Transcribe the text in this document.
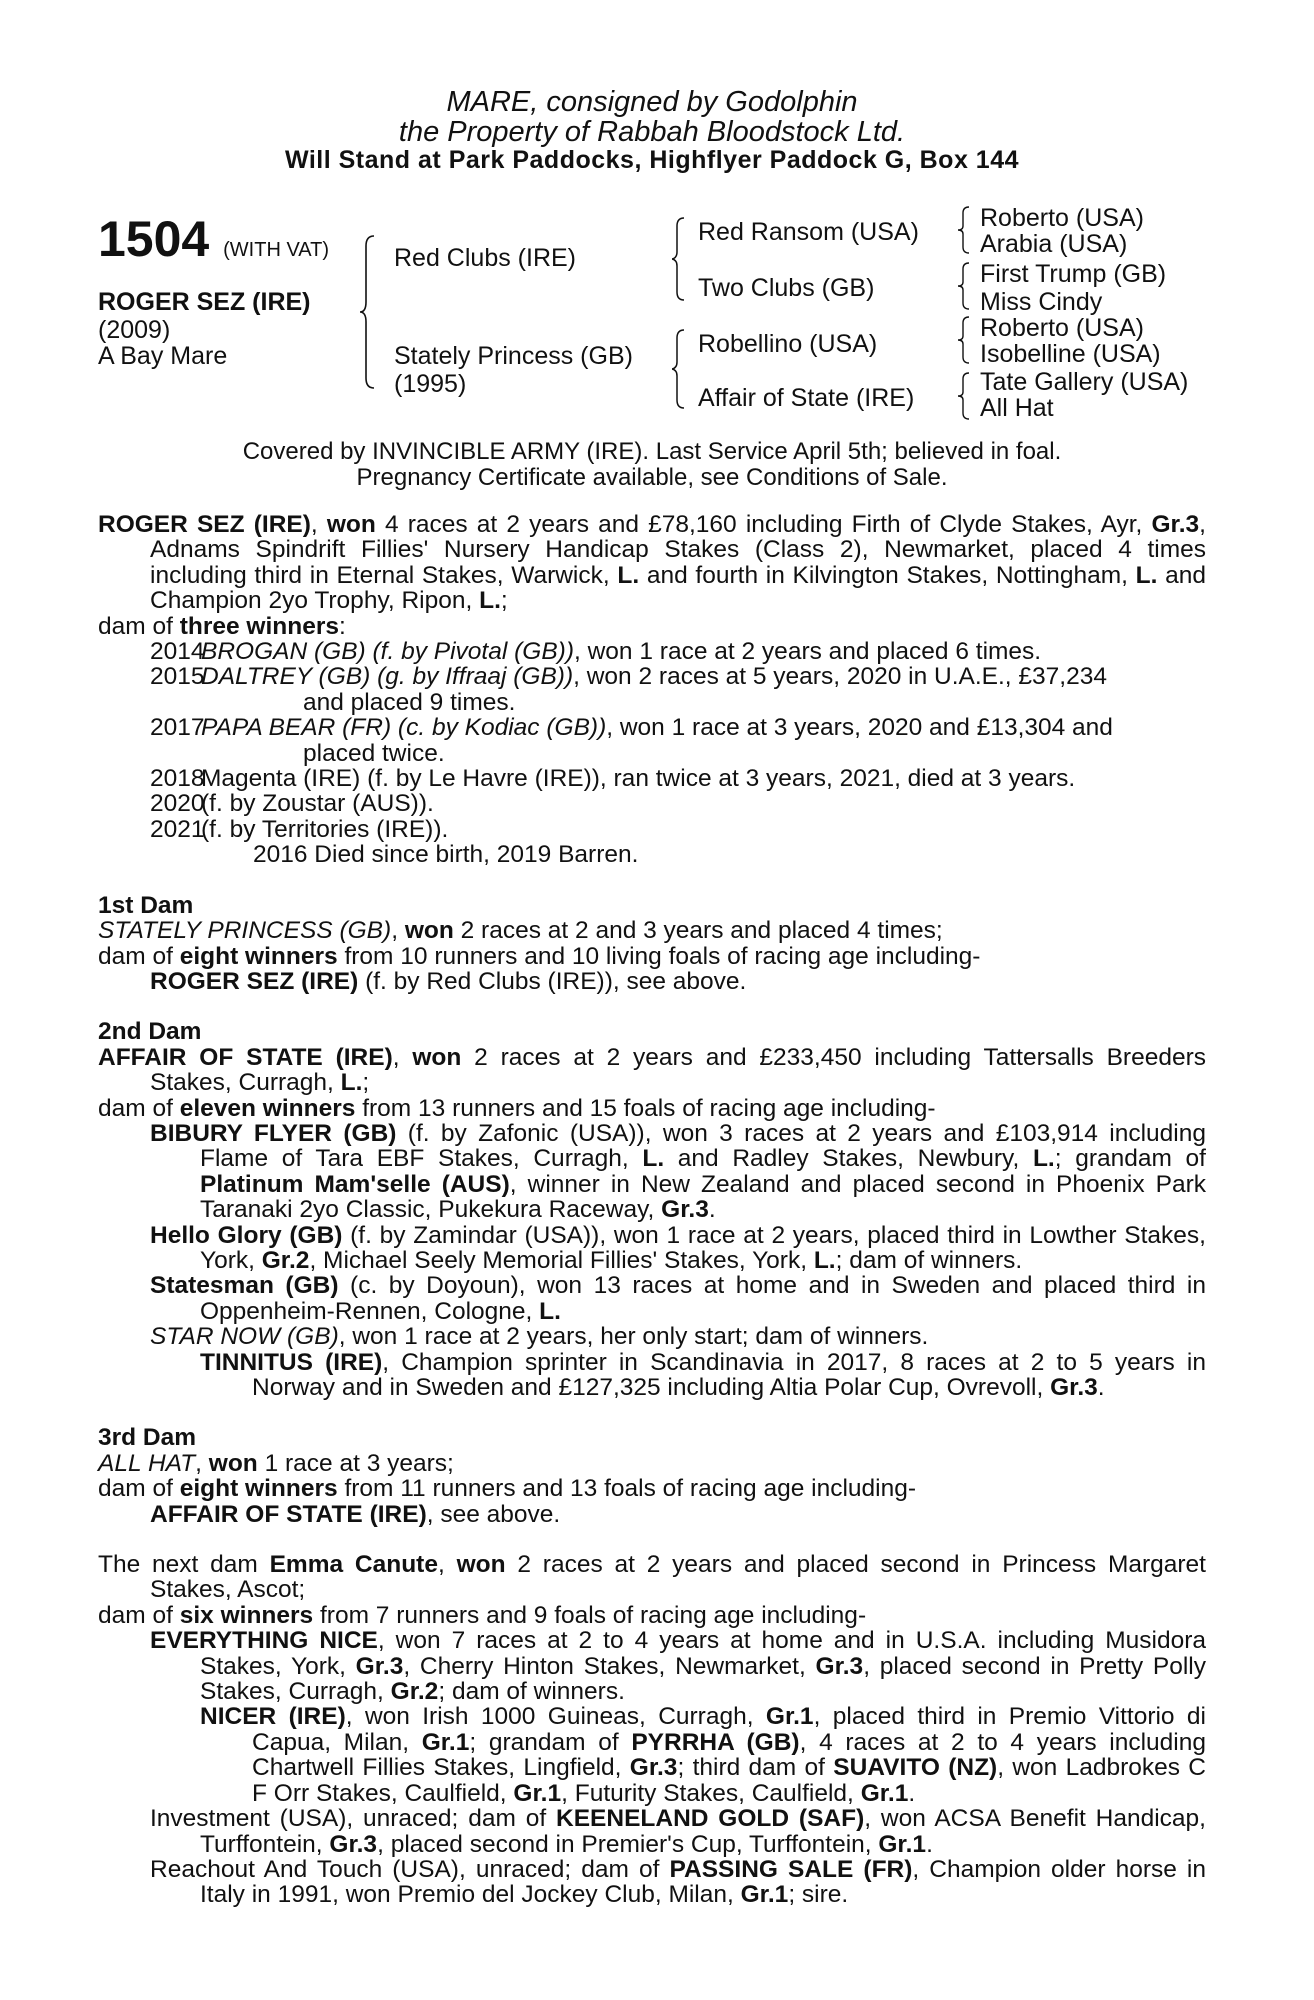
MARE, consigned by Godolphin
the Property of Rabbah Bloodstock Ltd.
Will Stand at Park Paddocks, Highflyer Paddock G, Box 144
1504 (WITH VAT)
ROGER SEZ (IRE)
(2009)
A Bay Mare
Red Clubs (IRE)
Stately Princess (GB)
(1995)
Red Ransom (USA)
Two Clubs (GB)
Robellino (USA)
Affair of State (IRE)
Roberto (USA)
Arabia (USA)
First Trump (GB)
Miss Cindy
Roberto (USA)
Isobelline (USA)
Tate Gallery (USA)
All Hat
Covered by INVINCIBLE ARMY (IRE). Last Service April 5th; believed in foal.
Pregnancy Certificate available, see Conditions of Sale.

ROGER SEZ (IRE), won 4 races at 2 years and £78,160 including Firth of Clyde Stakes, Ayr, Gr.3, Adnams Spindrift Fillies' Nursery Handicap Stakes (Class 2), Newmarket, placed 4 times including third in Eternal Stakes, Warwick, L. and fourth in Kilvington Stakes, Nottingham, L. and Champion 2yo Trophy, Ripon, L.;

dam of three winners:

2014BROGAN (GB) (f. by Pivotal (GB)), won 1 race at 2 years and placed 6 times.

2015DALTREY (GB) (g. by Iffraaj (GB)), won 2 races at 5 years, 2020 in U.A.E., £37,234

and placed 9 times.

2017PAPA BEAR (FR) (c. by Kodiac (GB)), won 1 race at 3 years, 2020 and £13,304 and

placed twice.

2018Magenta (IRE) (f. by Le Havre (IRE)), ran twice at 3 years, 2021, died at 3 years.

2020(f. by Zoustar (AUS)).

2021(f. by Territories (IRE)).

2016 Died since birth, 2019 Barren.

1st Dam

STATELY PRINCESS (GB), won 2 races at 2 and 3 years and placed 4 times;

dam of eight winners from 10 runners and 10 living foals of racing age including-

ROGER SEZ (IRE) (f. by Red Clubs (IRE)), see above.

2nd Dam

AFFAIR OF STATE (IRE), won 2 races at 2 years and £233,450 including Tattersalls Breeders Stakes, Curragh, L.;

dam of eleven winners from 13 runners and 15 foals of racing age including-

BIBURY FLYER (GB) (f. by Zafonic (USA)), won 3 races at 2 years and £103,914 including Flame of Tara EBF Stakes, Curragh, L. and Radley Stakes, Newbury, L.; grandam of Platinum Mam'selle (AUS), winner in New Zealand and placed second in Phoenix Park Taranaki 2yo Classic, Pukekura Raceway, Gr.3.

Hello Glory (GB) (f. by Zamindar (USA)), won 1 race at 2 years, placed third in Lowther Stakes, York, Gr.2, Michael Seely Memorial Fillies' Stakes, York, L.; dam of winners.

Statesman (GB) (c. by Doyoun), won 13 races at home and in Sweden and placed third in Oppenheim-Rennen, Cologne, L.

STAR NOW (GB), won 1 race at 2 years, her only start; dam of winners.

TINNITUS (IRE), Champion sprinter in Scandinavia in 2017, 8 races at 2 to 5 years in Norway and in Sweden and £127,325 including Altia Polar Cup, Ovrevoll, Gr.3.

3rd Dam

ALL HAT, won 1 race at 3 years;

dam of eight winners from 11 runners and 13 foals of racing age including-

AFFAIR OF STATE (IRE), see above.

The next dam Emma Canute, won 2 races at 2 years and placed second in Princess Margaret Stakes, Ascot;

dam of six winners from 7 runners and 9 foals of racing age including-

EVERYTHING NICE, won 7 races at 2 to 4 years at home and in U.S.A. including Musidora Stakes, York, Gr.3, Cherry Hinton Stakes, Newmarket, Gr.3, placed second in Pretty Polly Stakes, Curragh, Gr.2; dam of winners.

NICER (IRE), won Irish 1000 Guineas, Curragh, Gr.1, placed third in Premio Vittorio di Capua, Milan, Gr.1; grandam of PYRRHA (GB), 4 races at 2 to 4 years including Chartwell Fillies Stakes, Lingfield, Gr.3; third dam of SUAVITO (NZ), won Ladbrokes C F Orr Stakes, Caulfield, Gr.1, Futurity Stakes, Caulfield, Gr.1.

Investment (USA), unraced; dam of KEENELAND GOLD (SAF), won ACSA Benefit Handicap, Turffontein, Gr.3, placed second in Premier's Cup, Turffontein, Gr.1.

Reachout And Touch (USA), unraced; dam of PASSING SALE (FR), Champion older horse in Italy in 1991, won Premio del Jockey Club, Milan, Gr.1; sire.
